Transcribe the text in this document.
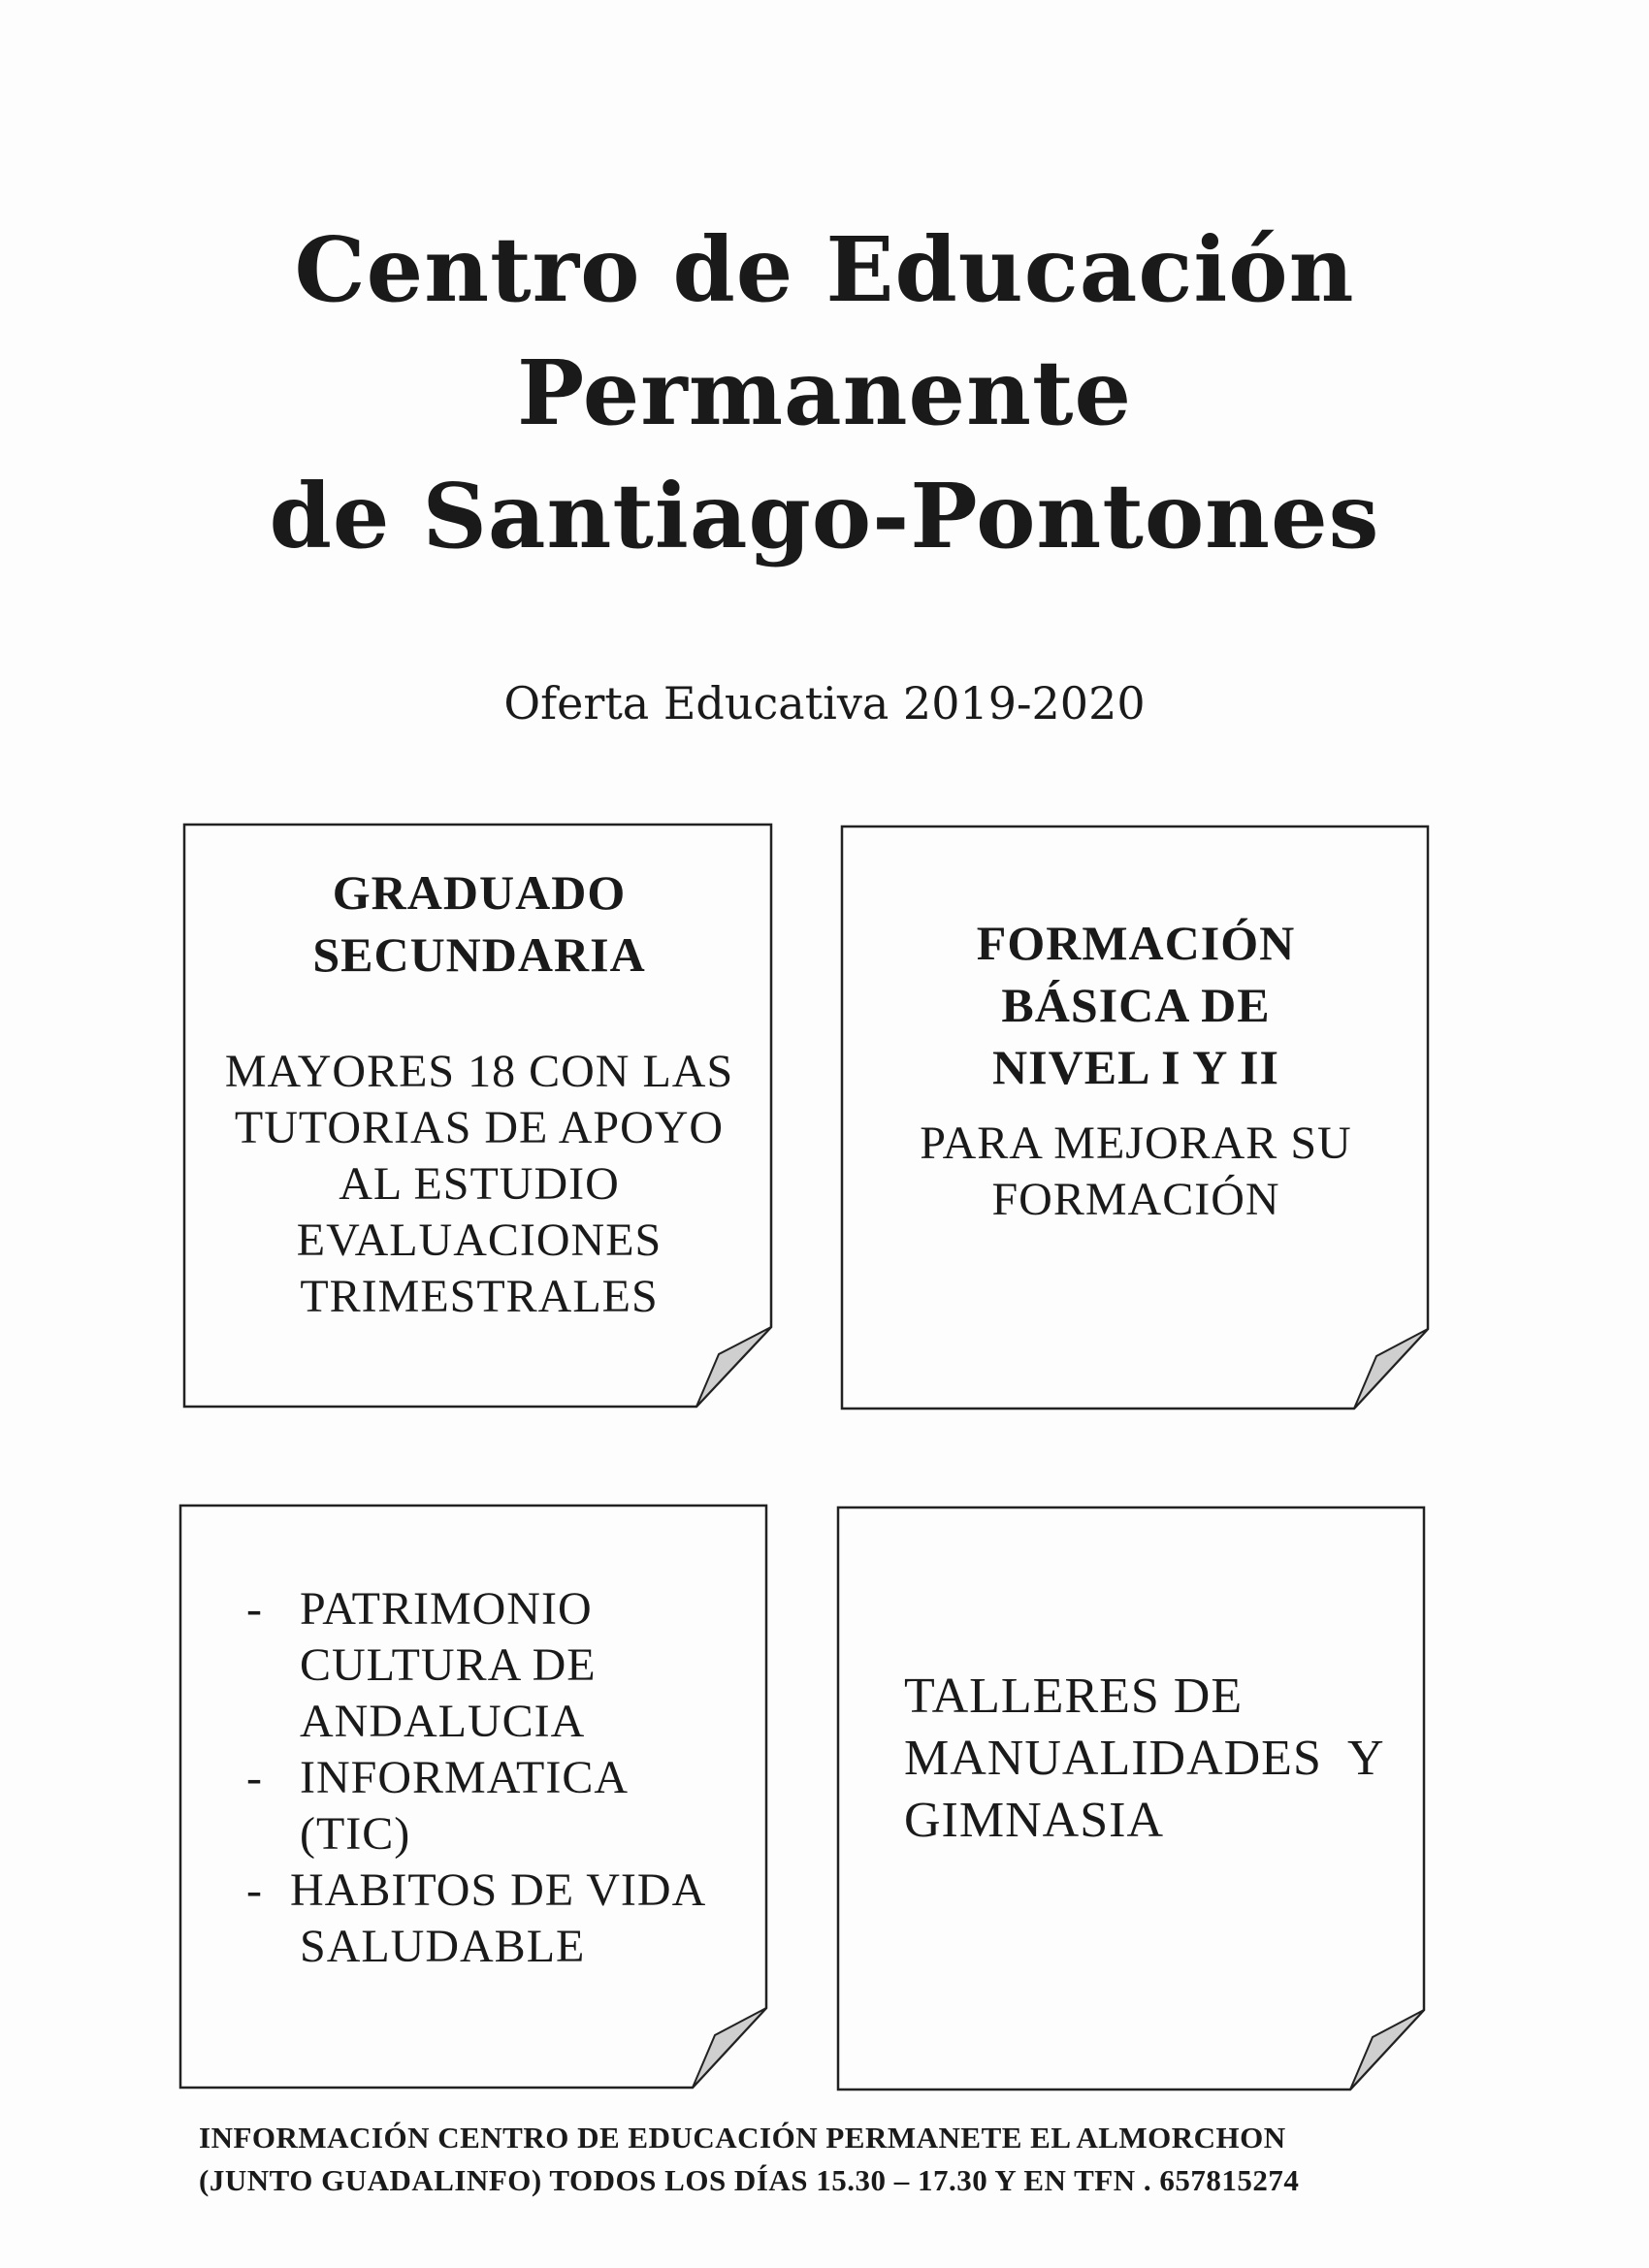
Centro de Educación
Permanente
de Santiago-Pontones
Oferta Educativa 2019-2020
GRADUADO
SECUNDARIA
MAYORES 18 CON LAS
TUTORIAS DE APOYO
AL ESTUDIO
EVALUACIONES
TRIMESTRALES
FORMACIÓN
BÁSICA DE
NIVEL I Y II
PARA MEJORAR SU
FORMACIÓN
- PATRIMONIO
CULTURA DE
ANDALUCIA
- INFORMATICA
(TIC)
- HABITOS DE VIDA
SALUDABLE
TALLERES DE
MANUALIDADES  Y
GIMNASIA
INFORMACIÓN CENTRO DE EDUCACIÓN PERMANETE EL ALMORCHON
(JUNTO GUADALINFO) TODOS LOS DÍAS 15.30 – 17.30 Y EN TFN . 657815274
